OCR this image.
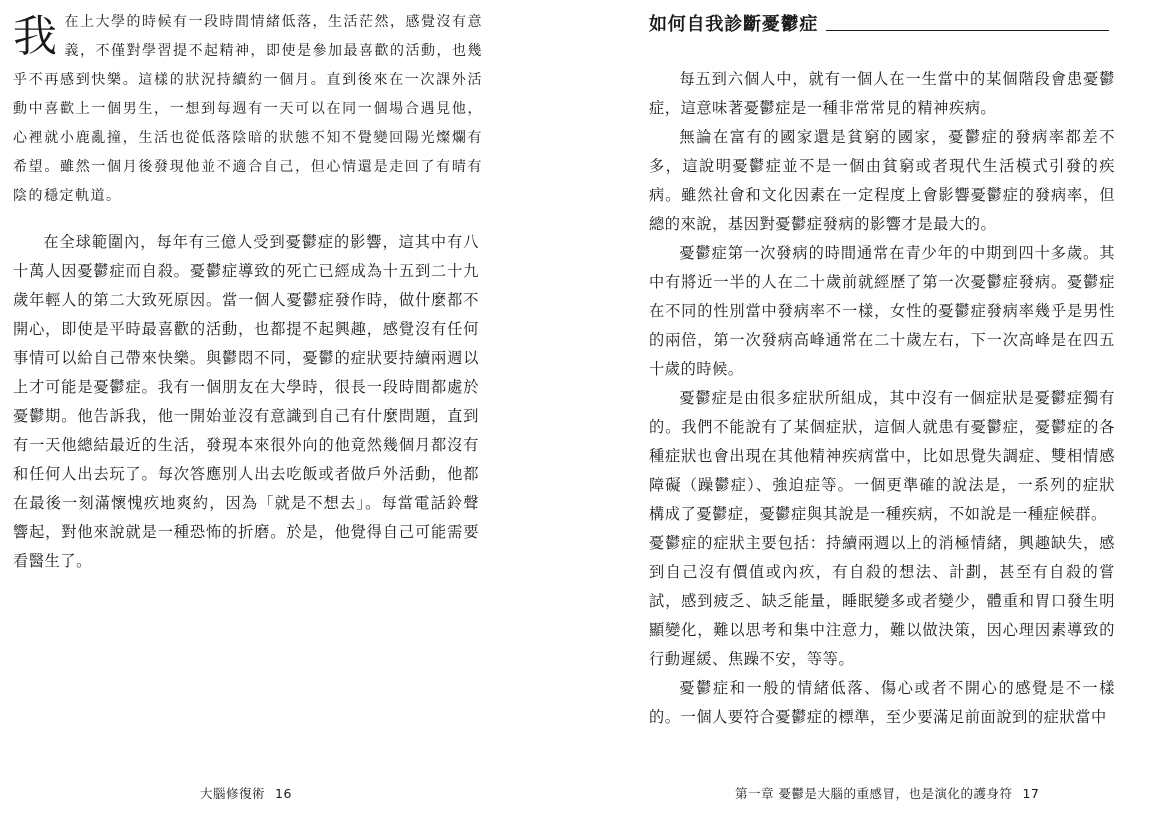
我 在上大學的時候有一段時間情緒低落，生活茫然，感覺沒有意義，不僅對學習提不起精神，即使是參加最喜歡的活動，也幾乎不再感到快樂。這樣的狀況持續約一個月。直到後來在一次課外活動中喜歡上一個男生，一想到每週有一天可以在同一個場合遇見他，心裡就小鹿亂撞，生活也從低落陰暗的狀態不知不覺變回陽光燦爛有希望。雖然一個月後發現他並不適合自己，但心情還是走回了有晴有陰的穩定軌道。

在全球範圍內，每年有三億人受到憂鬱症的影響，這其中有八十萬人因憂鬱症而自殺。憂鬱症導致的死亡已經成為十五到二十九歲年輕人的第二大致死原因。當一個人憂鬱症發作時，做什麼都不開心，即使是平時最喜歡的活動，也都提不起興趣，感覺沒有任何事情可以給自己帶來快樂。與鬱悶不同，憂鬱的症狀要持續兩週以上才可能是憂鬱症。我有一個朋友在大學時，很長一段時間都處於憂鬱期。他告訴我，他一開始並沒有意識到自己有什麼問題，直到有一天他總結最近的生活，發現本來很外向的他竟然幾個月都沒有和任何人出去玩了。每次答應別人出去吃飯或者做戶外活動，他都在最後一刻滿懷愧疚地爽約，因為「就是不想去」。每當電話鈴聲響起，對他來說就是一種恐怖的折磨。於是，他覺得自己可能需要看醫生了。

大腦修復術 16
如何自我診斷憂鬱症

每五到六個人中，就有一個人在一生當中的某個階段會患憂鬱症，這意味著憂鬱症是一種非常常見的精神疾病。

無論在富有的國家還是貧窮的國家，憂鬱症的發病率都差不多，這說明憂鬱症並不是一個由貧窮或者現代生活模式引發的疾病。雖然社會和文化因素在一定程度上會影響憂鬱症的發病率，但總的來說，基因對憂鬱症發病的影響才是最大的。

憂鬱症第一次發病的時間通常在青少年的中期到四十多歲。其中有將近一半的人在二十歲前就經歷了第一次憂鬱症發病。憂鬱症在不同的性別當中發病率不一樣，女性的憂鬱症發病率幾乎是男性的兩倍，第一次發病高峰通常在二十歲左右，下一次高峰是在四五十歲的時候。

憂鬱症是由很多症狀所組成，其中沒有一個症狀是憂鬱症獨有的。我們不能說有了某個症狀，這個人就患有憂鬱症，憂鬱症的各種症狀也會出現在其他精神疾病當中，比如思覺失調症、雙相情感障礙（躁鬱症）、強迫症等。一個更準確的說法是，一系列的症狀構成了憂鬱症，憂鬱症與其說是一種疾病，不如說是一種症候群。

憂鬱症的症狀主要包括：持續兩週以上的消極情緒，興趣缺失，感到自己沒有價值或內疚，有自殺的想法、計劃，甚至有自殺的嘗試，感到疲乏、缺乏能量，睡眠變多或者變少，體重和胃口發生明顯變化，難以思考和集中注意力，難以做決策，因心理因素導致的行動遲緩、焦躁不安，等等。

憂鬱症和一般的情緒低落、傷心或者不開心的感覺是不一樣的。一個人要符合憂鬱症的標準，至少要滿足前面說到的症狀當中

第一章 憂鬱是大腦的重感冒，也是演化的護身符 17
